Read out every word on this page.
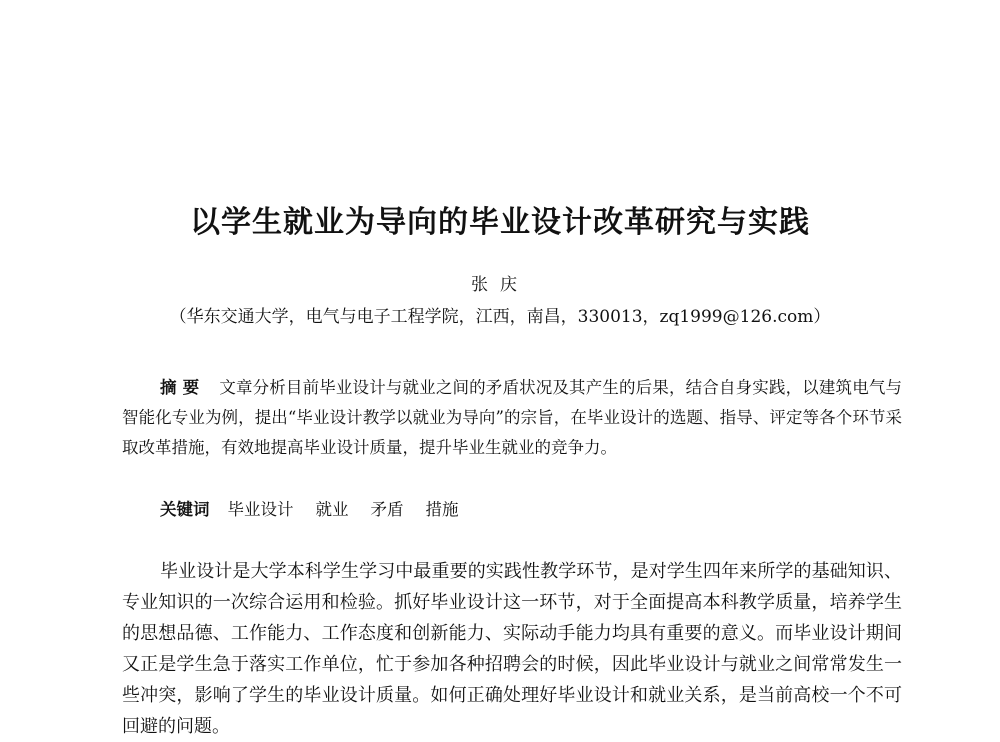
以学生就业为导向的毕业设计改革研究与实践
张庆
（华东交通大学，电气与电子工程学院，江西，南昌，330013，zq1999@126.com）

摘要 文章分析目前毕业设计与就业之间的矛盾状况及其产生的后果，结合自身实践，以建筑电气与智能化专业为例，提出“毕业设计教学以就业为导向”的宗旨，在毕业设计的选题、指导、评定等各个环节采取改革措施，有效地提高毕业设计质量，提升毕业生就业的竞争力。

关键词 毕业设计 就业 矛盾 措施

毕业设计是大学本科学生学习中最重要的实践性教学环节，是对学生四年来所学的基础知识、专业知识的一次综合运用和检验。抓好毕业设计这一环节，对于全面提高本科教学质量，培养学生的思想品德、工作能力、工作态度和创新能力、实际动手能力均具有重要的意义。而毕业设计期间又正是学生急于落实工作单位，忙于参加各种招聘会的时候，因此毕业设计与就业之间常常发生一些冲突，影响了学生的毕业设计质量。如何正确处理好毕业设计和就业关系，是当前高校一个不可回避的问题。
